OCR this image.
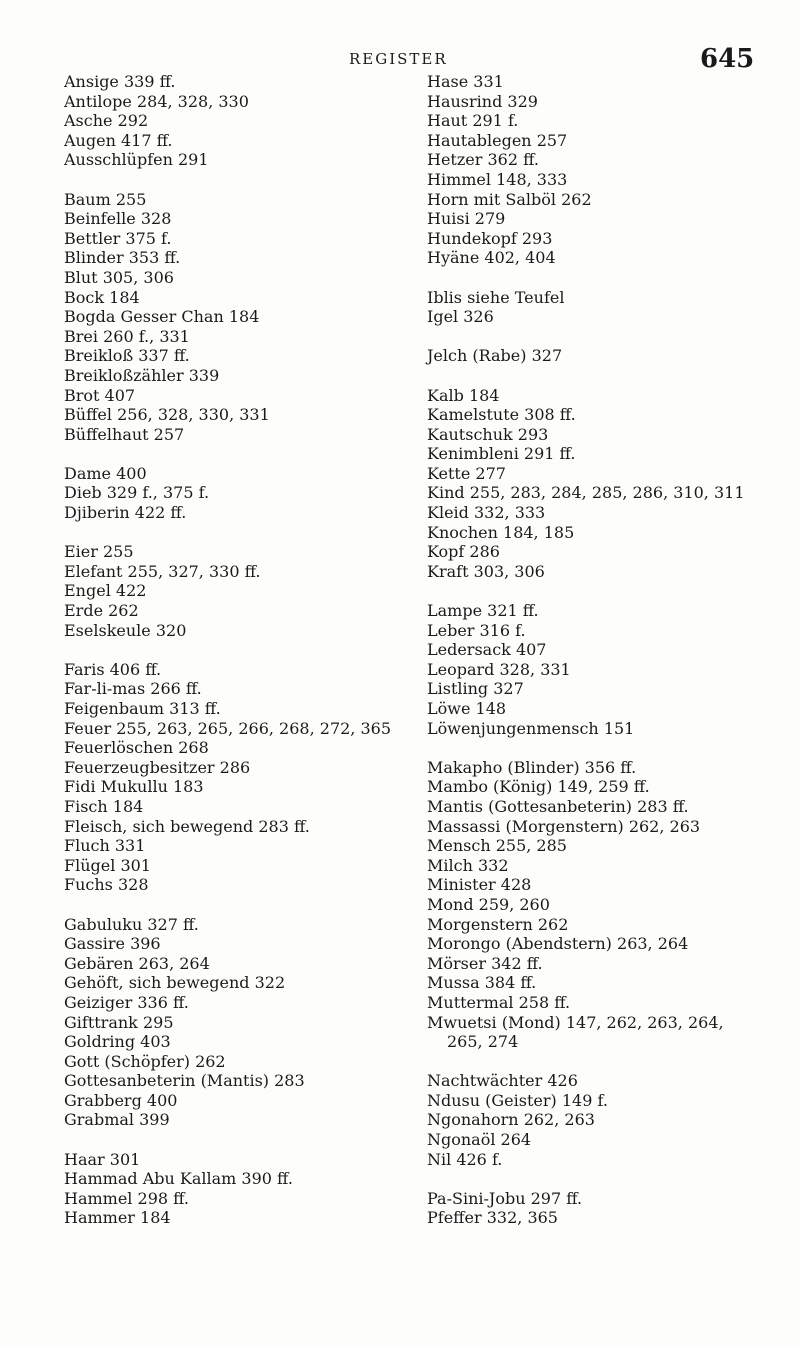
REGISTER	645
Ansige 339 ff.
Antilope 284, 328, 330
Asche 292
Augen 417 ff.
Ausschlüpfen 291
Baum 255
Beinfelle 328
Bettler 375 f.
Blinder 353 ff.
Blut 305, 306
Bock 184
Bogda Gesser Chan 184
Brei 260 f., 331
Breikloß 337 ff.
Breikloßzähler 339
Brot 407
Büffel 256, 328, 330, 331
Büffelhaut 257
Dame 400
Dieb 329 f., 375 f.
Djiberin 422 ff.
Eier 255
Elefant 255, 327, 330 ff.
Engel 422
Erde 262
Eselskeule 320
Faris 406 ff.
Far-li-mas 266 ff.
Feigenbaum 313 ff.
Feuer 255, 263, 265, 266, 268, 272, 365
Feuerlöschen 268
Feuerzeugbesitzer 286
Fidi Mukullu 183
Fisch 184
Fleisch, sich bewegend 283 ff.
Fluch 331
Flügel 301
Fuchs 328
Gabuluku 327 ff.
Gassire 396
Gebären 263, 264
Gehöft, sich bewegend 322
Geiziger 336 ff.
Gifttrank 295
Goldring 403
Gott (Schöpfer) 262
Gottesanbeterin (Mantis) 283
Grabberg 400
Grabmal 399
Haar 301
Hammad Abu Kallam 390 ff.
Hammel 298 ff.
Hammer 184
Hase 331
Hausrind 329
Haut 291 f.
Hautablegen 257
Hetzer 362 ff.
Himmel 148, 333
Horn mit Salböl 262
Huisi 279
Hundekopf 293
Hyäne 402, 404
Iblis siehe Teufel
Igel 326
Jelch (Rabe) 327
Kalb 184
Kamelstute 308 ff.
Kautschuk 293
Kenimbleni 291 ff.
Kette 277
Kind 255, 283, 284, 285, 286, 310, 311
Kleid 332, 333
Knochen 184, 185
Kopf 286
Kraft 303, 306
Lampe 321 ff.
Leber 316 f.
Ledersack 407
Leopard 328, 331
Listling 327
Löwe 148
Löwenjungenmensch 151
Makapho (Blinder) 356 ff.
Mambo (König) 149, 259 ff.
Mantis (Gottesanbeterin) 283 ff.
Massassi (Morgenstern) 262, 263
Mensch 255, 285
Milch 332
Minister 428
Mond 259, 260
Morgenstern 262
Morongo (Abendstern) 263, 264
Mörser 342 ff.
Mussa 384 ff.
Muttermal 258 ff.
Mwuetsi (Mond) 147, 262, 263, 264,
265, 274
Nachtwächter 426
Ndusu (Geister) 149 f.
Ngonahorn 262, 263
Ngonaöl 264
Nil 426 f.
Pa-Sini-Jobu 297 ff.
Pfeffer 332, 365
